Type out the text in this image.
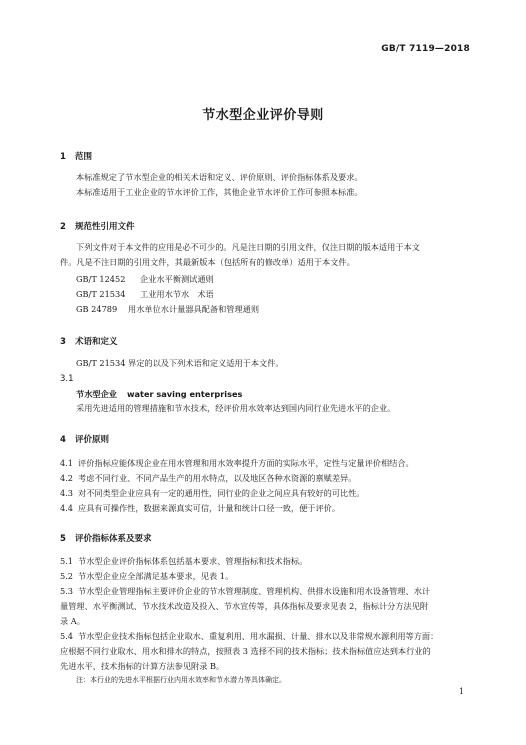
GB/T 7119—2018
节水型企业评价导则
1 范围
本标准规定了节水型企业的相关术语和定义、评价原则、评价指标体系及要求。
本标准适用于工业企业的节水评价工作，其他企业节水评价工作可参照本标准。
2 规范性引用文件
下列文件对于本文件的应用是必不可少的。凡是注日期的引用文件，仅注日期的版本适用于本文
件。凡是不注日期的引用文件，其最新版本（包括所有的修改单）适用于本文件。
GB/T 12452 企业水平衡测试通则
GB/T 21534 工业用水节水　术语
GB 24789 用水单位水计量器具配备和管理通则
3 术语和定义
GB/T 21534 界定的以及下列术语和定义适用于本文件。
3.1
节水型企业 water saving enterprises
采用先进适用的管理措施和节水技术，经评价用水效率达到国内同行业先进水平的企业。
4 评价原则
4.1 评价指标应能体现企业在用水管理和用水效率提升方面的实际水平，定性与定量评价相结合。
4.2 考虑不同行业、不同产品生产的用水特点，以及地区各种水资源的禀赋差异。
4.3 对不同类型企业应具有一定的通用性，同行业的企业之间应具有较好的可比性。
4.4 应具有可操作性，数据来源真实可信，计量和统计口径一致，便于评价。
5 评价指标体系及要求
5.1 节水型企业评价指标体系包括基本要求、管理指标和技术指标。
5.2 节水型企业应全部满足基本要求，见表 1。
5.3 节水型企业管理指标主要评价企业的节水管理制度、管理机构、供排水设施和用水设备管理、水计
量管理、水平衡测试、节水技术改造及投入、节水宣传等，具体指标及要求见表 2，指标计分方法见附
录 A。
5.4 节水型企业技术指标包括企业取水、重复利用、用水漏损、计量、排水以及非常规水源利用等方面：
应根据不同行业取水、用水和排水的特点，按照表 3 选择不同的技术指标；技术指标值应达到本行业的
先进水平，技术指标的计算方法参见附录 B。
注：本行业的先进水平根据行业内用水效率和节水潜力等具体确定。
1
